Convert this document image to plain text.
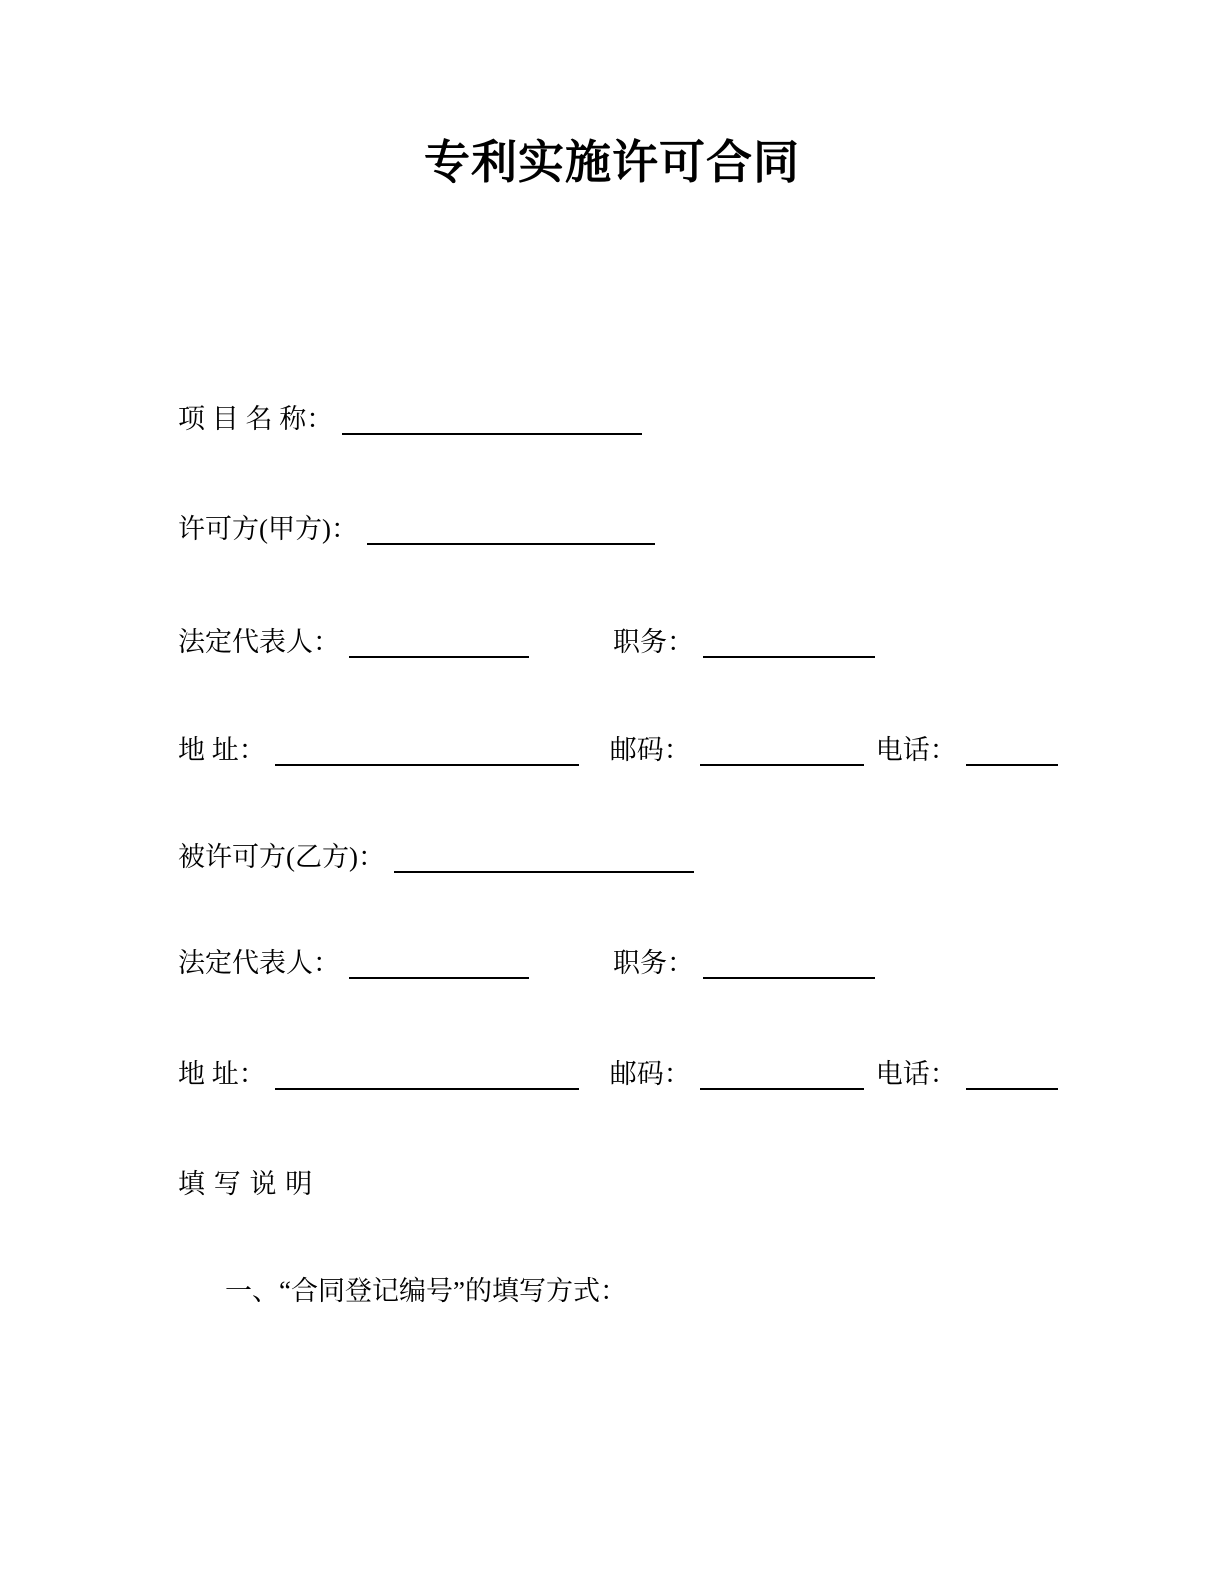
专利实施许可合同
项 目 名 称：
许可方(甲方)：
法定代表人：	职务：
地 址：	邮码：	电话：
被许可方(乙方)：
法定代表人：	职务：
地 址：	邮码：	电话：
填 写 说 明
一、“合同登记编号”的填写方式：
